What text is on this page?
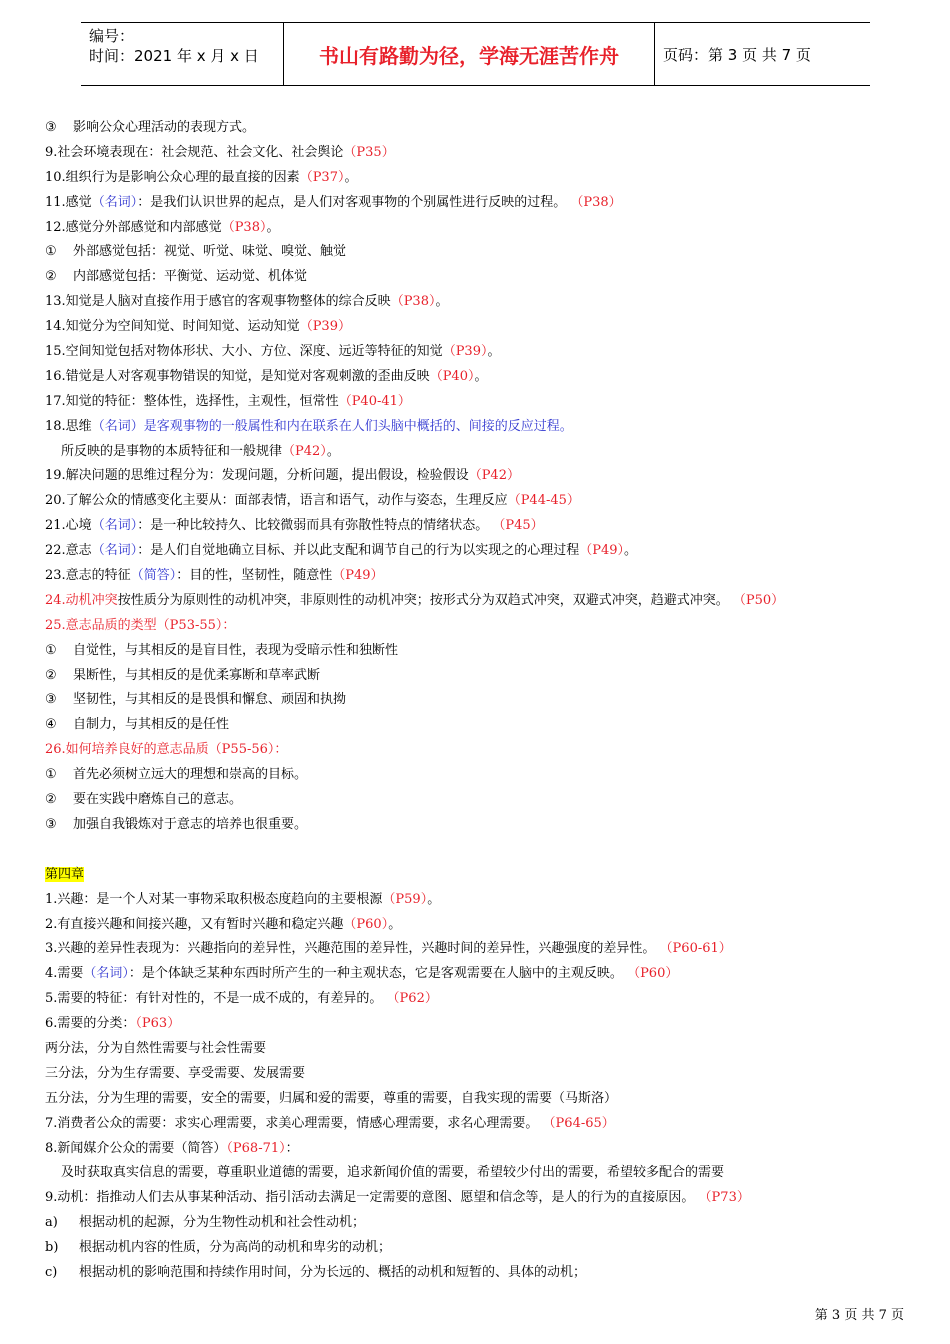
编号：
时间：2021 年 x 月 x 日	书山有路勤为径，学海无涯苦作舟	页码：第 3 页 共 7 页
③影响公众心理活动的表现方式。
9.社会环境表现在：社会规范、社会文化、社会舆论（P35）
10.组织行为是影响公众心理的最直接的因素（P37）。
11.感觉（名词）：是我们认识世界的起点，是人们对客观事物的个别属性进行反映的过程。 （P38）
12.感觉分外部感觉和内部感觉（P38）。
①外部感觉包括：视觉、听觉、味觉、嗅觉、触觉
②内部感觉包括：平衡觉、运动觉、机体觉
13.知觉是人脑对直接作用于感官的客观事物整体的综合反映（P38）。
14.知觉分为空间知觉、时间知觉、运动知觉（P39）
15.空间知觉包括对物体形状、大小、方位、深度、远近等特征的知觉（P39）。
16.错觉是人对客观事物错误的知觉，是知觉对客观刺激的歪曲反映（P40）。
17.知觉的特征：整体性，选择性，主观性，恒常性（P40-41）
18.思维（名词）是客观事物的一般属性和内在联系在人们头脑中概括的、间接的反应过程。
所反映的是事物的本质特征和一般规律（P42）。
19.解决问题的思维过程分为：发现问题，分析问题，提出假设，检验假设（P42）
20.了解公众的情感变化主要从：面部表情，语言和语气，动作与姿态，生理反应（P44-45）
21.心境（名词）：是一种比较持久、比较微弱而具有弥散性特点的情绪状态。 （P45）
22.意志（名词）：是人们自觉地确立目标、并以此支配和调节自己的行为以实现之的心理过程（P49）。
23.意志的特征（简答）：目的性，坚韧性，随意性（P49）
24.动机冲突按性质分为原则性的动机冲突，非原则性的动机冲突；按形式分为双趋式冲突，双避式冲突，趋避式冲突。 （P50）
25.意志品质的类型（P53-55）：
①自觉性，与其相反的是盲目性，表现为受暗示性和独断性
②果断性，与其相反的是优柔寡断和草率武断
③坚韧性，与其相反的是畏惧和懈怠、顽固和执拗
④自制力，与其相反的是任性
26.如何培养良好的意志品质（P55-56）：
①首先必须树立远大的理想和崇高的目标。
②要在实践中磨炼自己的意志。
③加强自我锻炼对于意志的培养也很重要。
第四章
1.兴趣：是一个人对某一事物采取积极态度趋向的主要根源（P59）。
2.有直接兴趣和间接兴趣，又有暂时兴趣和稳定兴趣（P60）。
3.兴趣的差异性表现为：兴趣指向的差异性，兴趣范围的差异性，兴趣时间的差异性，兴趣强度的差异性。 （P60-61）
4.需要（名词）：是个体缺乏某种东西时所产生的一种主观状态，它是客观需要在人脑中的主观反映。 （P60）
5.需要的特征：有针对性的，不是一成不成的，有差异的。 （P62）
6.需要的分类：（P63）
两分法，分为自然性需要与社会性需要
三分法，分为生存需要、享受需要、发展需要
五分法，分为生理的需要，安全的需要，归属和爱的需要，尊重的需要，自我实现的需要（马斯洛）
7.消费者公众的需要：求实心理需要，求美心理需要，情感心理需要，求名心理需要。 （P64-65）
8.新闻媒介公众的需要（简答）（P68-71）：
及时获取真实信息的需要，尊重职业道德的需要，追求新闻价值的需要，希望较少付出的需要，希望较多配合的需要
9.动机：指推动人们去从事某种活动、指引活动去满足一定需要的意图、愿望和信念等，是人的行为的直接原因。 （P73）
a)根据动机的起源，分为生物性动机和社会性动机；
b)根据动机内容的性质，分为高尚的动机和卑劣的动机；
c)根据动机的影响范围和持续作用时间，分为长远的、概括的动机和短暂的、具体的动机；
第 3 页 共 7 页
